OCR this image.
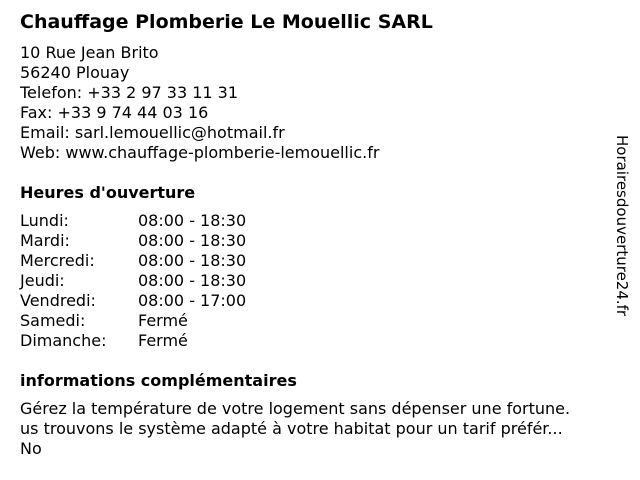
Chauffage Plomberie Le Mouellic SARL
10 Rue Jean Brito
56240 Plouay
Telefon: +33 2 97 33 11 31
Fax: +33 9 74 44 03 16
Email: sarl.lemouellic@hotmail.fr
Web: www.chauffage-plomberie-lemouellic.fr
Heures d'ouverture
Lundi:	08:00 - 18:30
Mardi:	08:00 - 18:30
Mercredi:	08:00 - 18:30
Jeudi:	08:00 - 18:30
Vendredi:	08:00 - 17:00
Samedi:	Fermé
Dimanche:	Fermé
informations complémentaires
Gérez la température de votre logement sans dépenser une fortune.
us trouvons le système adapté à votre habitat pour un tarif préfér...
No
Horairesdouverture24.fr
